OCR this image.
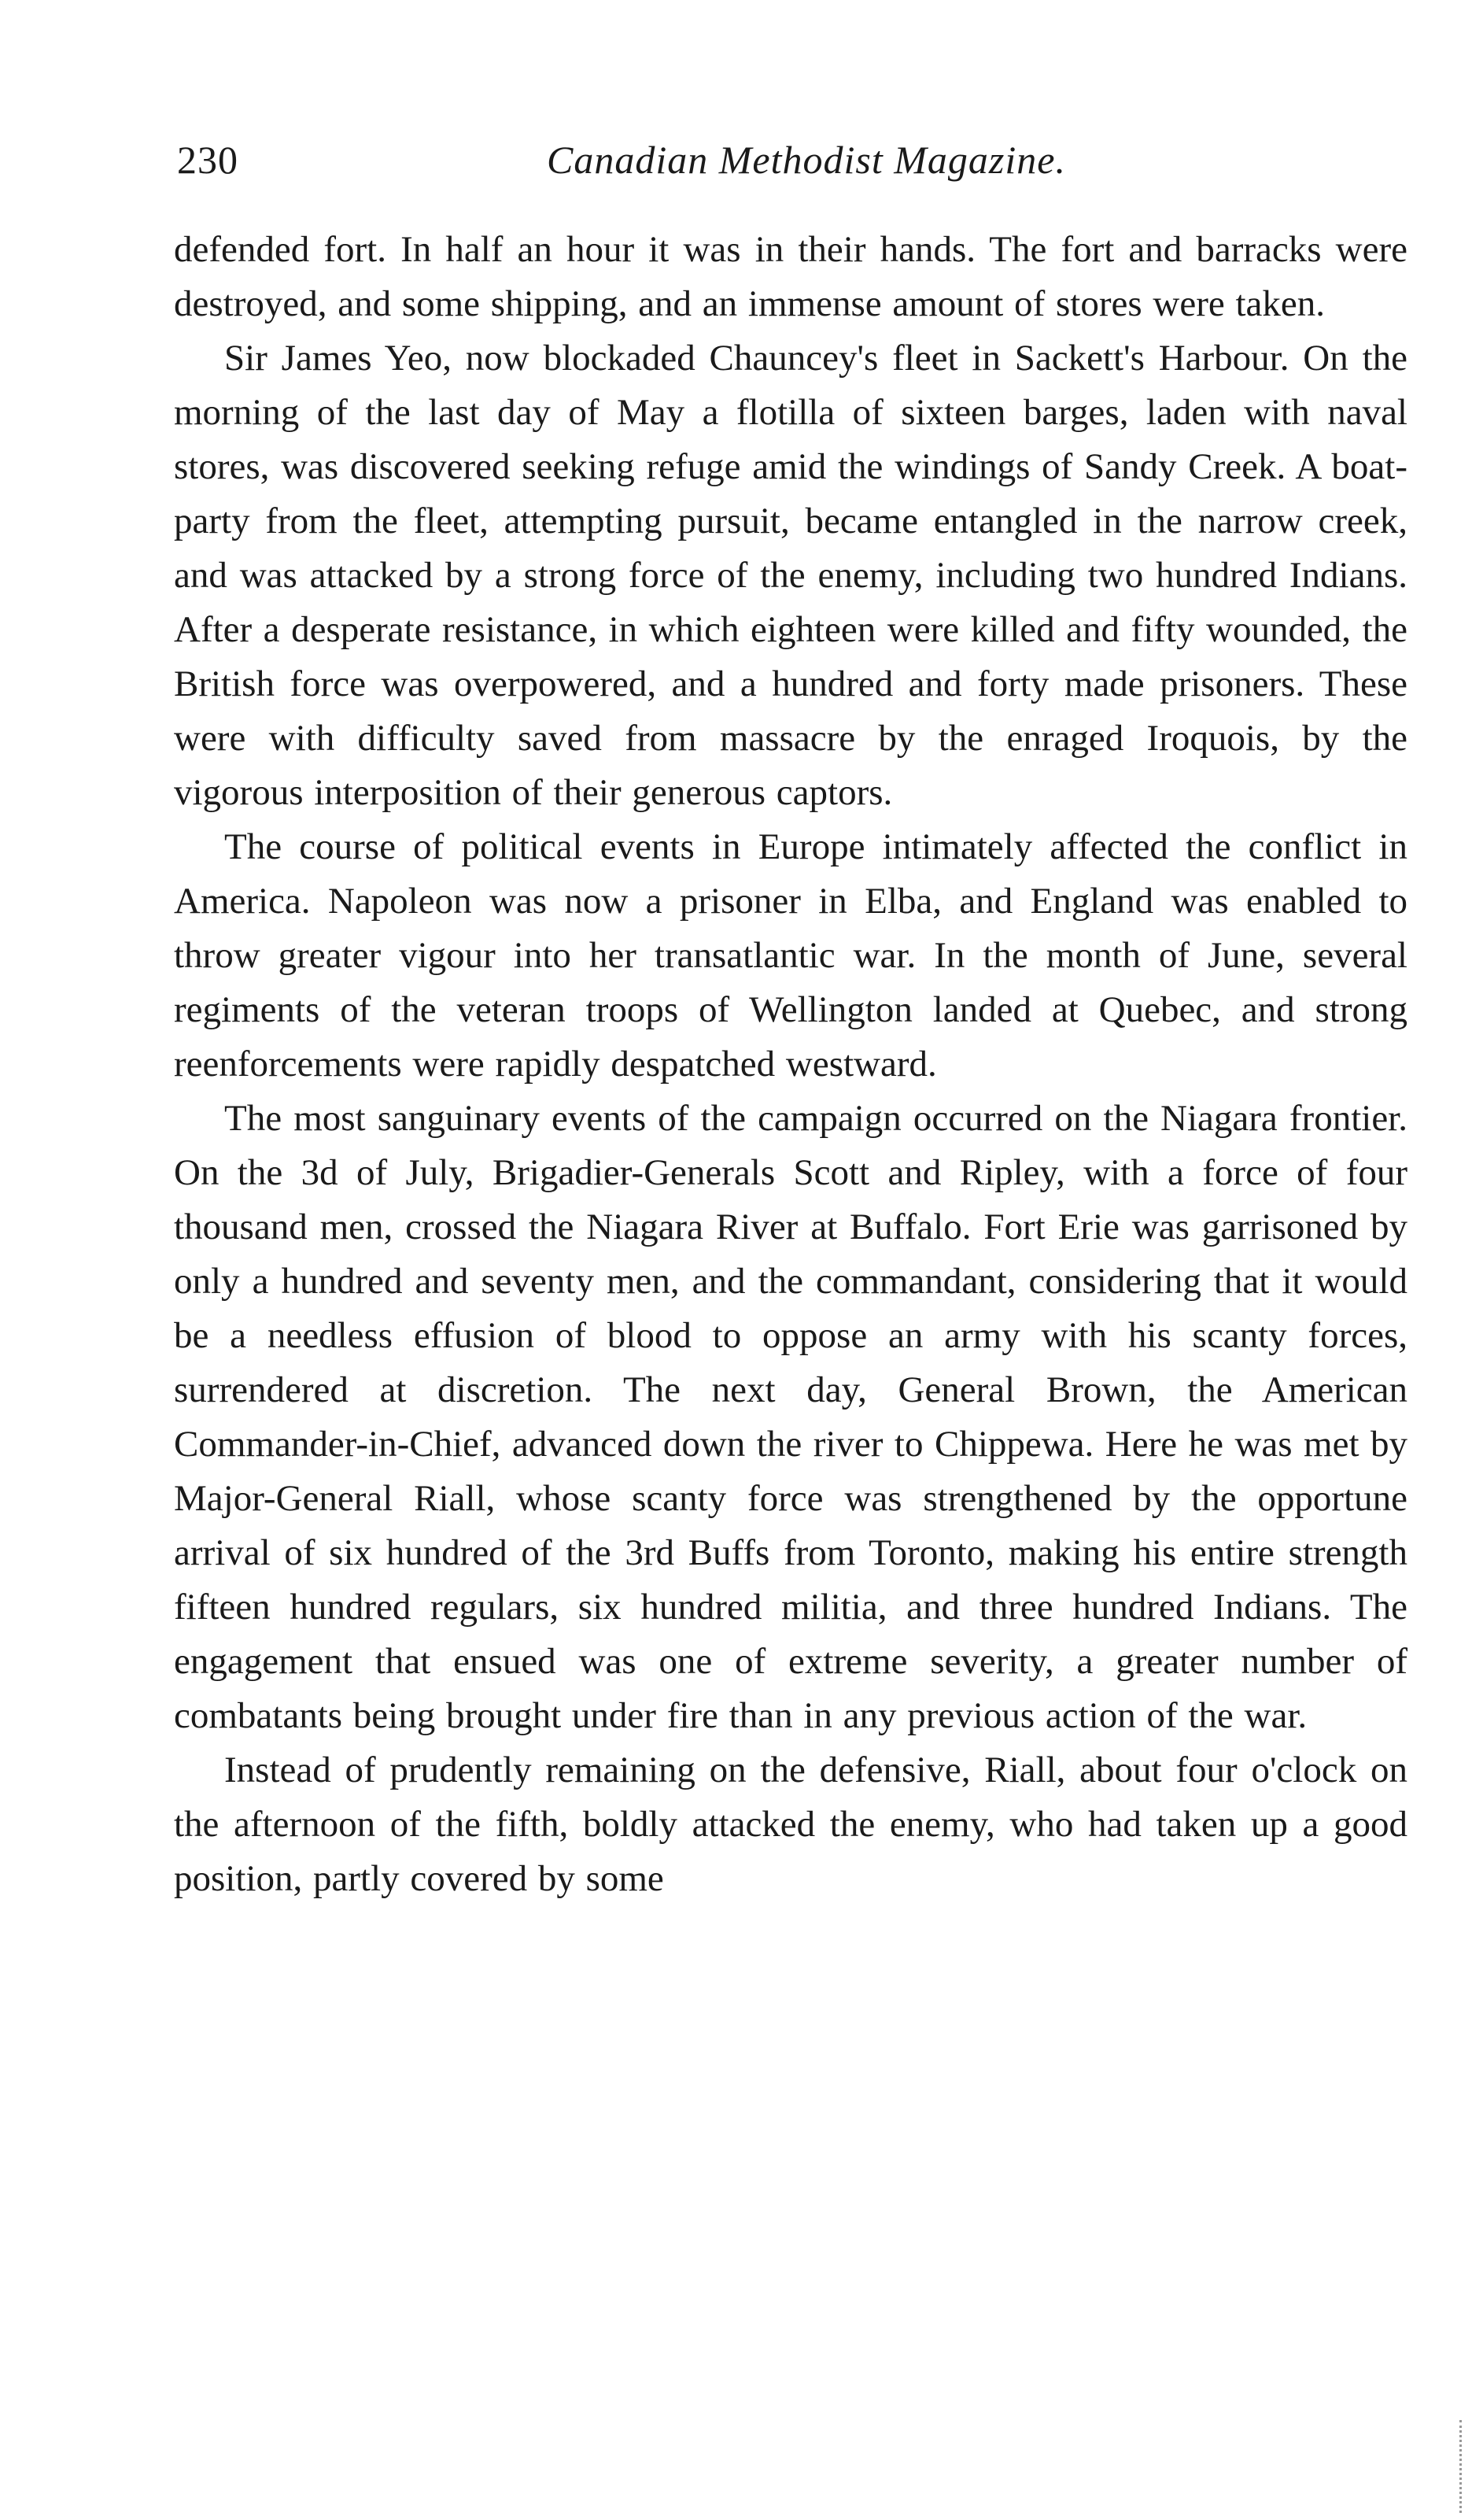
230	Canadian Methodist Magazine.

defended fort. In half an hour it was in their hands. The fort and barracks were destroyed, and some shipping, and an immense amount of stores were taken.

Sir James Yeo, now blockaded Chauncey's fleet in Sackett's Harbour. On the morning of the last day of May a flotilla of sixteen barges, laden with naval stores, was discovered seeking refuge amid the windings of Sandy Creek. A boat-party from the fleet, attempting pursuit, became entangled in the narrow creek, and was attacked by a strong force of the enemy, including two hundred Indians. After a desperate resistance, in which eighteen were killed and fifty wounded, the British force was overpowered, and a hundred and forty made prisoners. These were with difficulty saved from massacre by the enraged Iroquois, by the vigorous interposition of their generous captors.

The course of political events in Europe intimately affected the conflict in America. Napoleon was now a prisoner in Elba, and England was enabled to throw greater vigour into her transatlantic war. In the month of June, several regiments of the veteran troops of Wellington landed at Quebec, and strong reenforcements were rapidly despatched westward.

The most sanguinary events of the campaign occurred on the Niagara frontier. On the 3d of July, Brigadier-Generals Scott and Ripley, with a force of four thousand men, crossed the Niagara River at Buffalo. Fort Erie was garrisoned by only a hundred and seventy men, and the commandant, considering that it would be a needless effusion of blood to oppose an army with his scanty forces, surrendered at discretion. The next day, General Brown, the American Commander-in-Chief, advanced down the river to Chippewa. Here he was met by Major-General Riall, whose scanty force was strengthened by the opportune arrival of six hundred of the 3rd Buffs from Toronto, making his entire strength fifteen hundred regulars, six hundred militia, and three hundred Indians. The engagement that ensued was one of extreme severity, a greater number of combatants being brought under fire than in any previous action of the war.

Instead of prudently remaining on the defensive, Riall, about four o'clock on the afternoon of the fifth, boldly attacked the enemy, who had taken up a good position, partly covered by some
